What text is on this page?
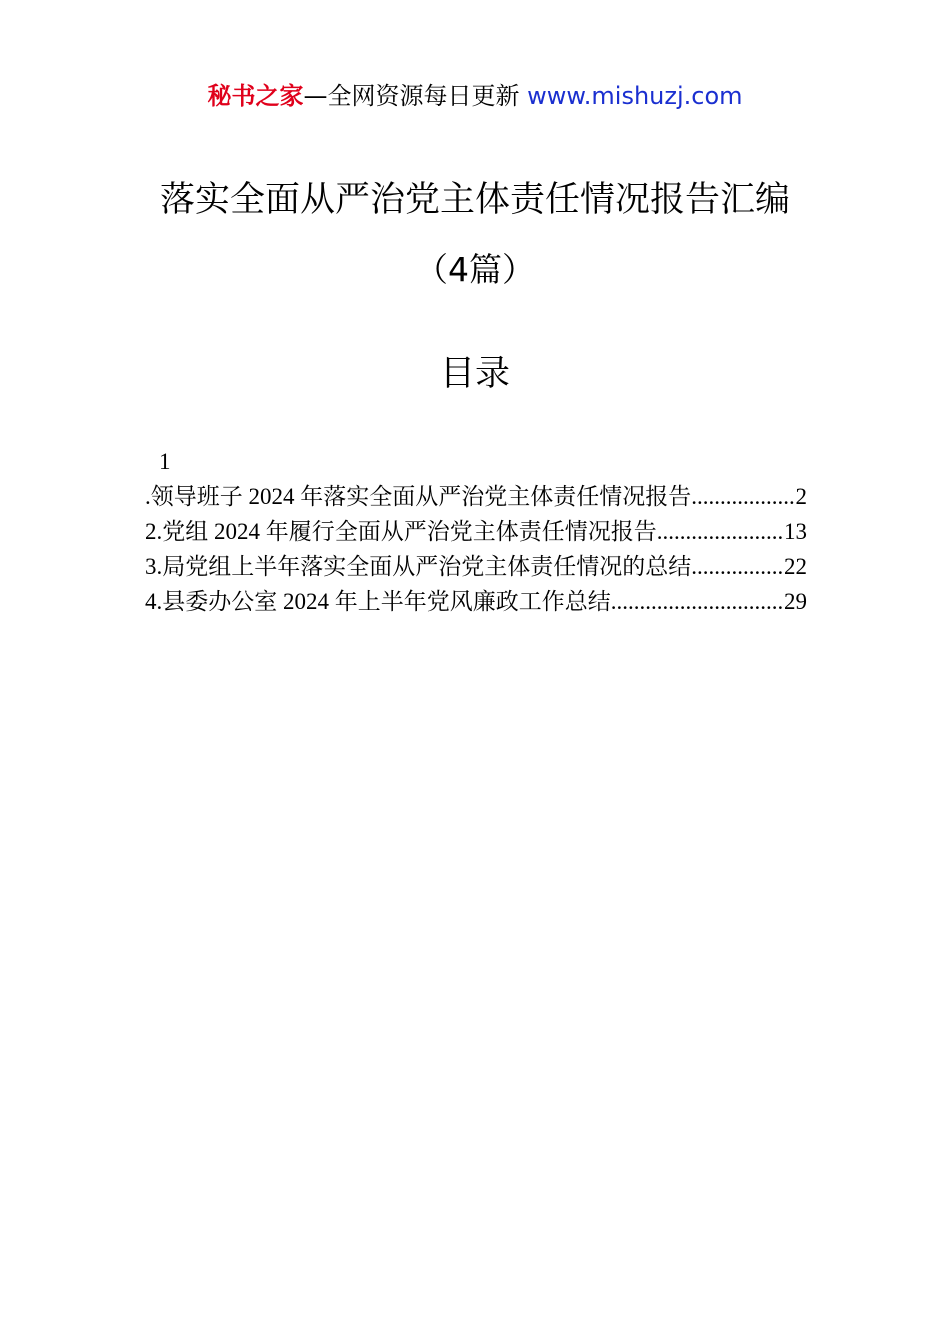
秘书之家—全网资源每日更新 www.mishuzj.com
落实全面从严治党主体责任情况报告汇编
（4篇）
目录
1
.领导班子 2024 年落实全面从严治党主体责任情况报告 .....	2
2.党组 2024 年履行全面从严治党主体责任情况报告 .....	13
3.局党组上半年落实全面从严治党主体责任情况的总结 .....	22
4.县委办公室 2024 年上半年党风廉政工作总结 .....	29
